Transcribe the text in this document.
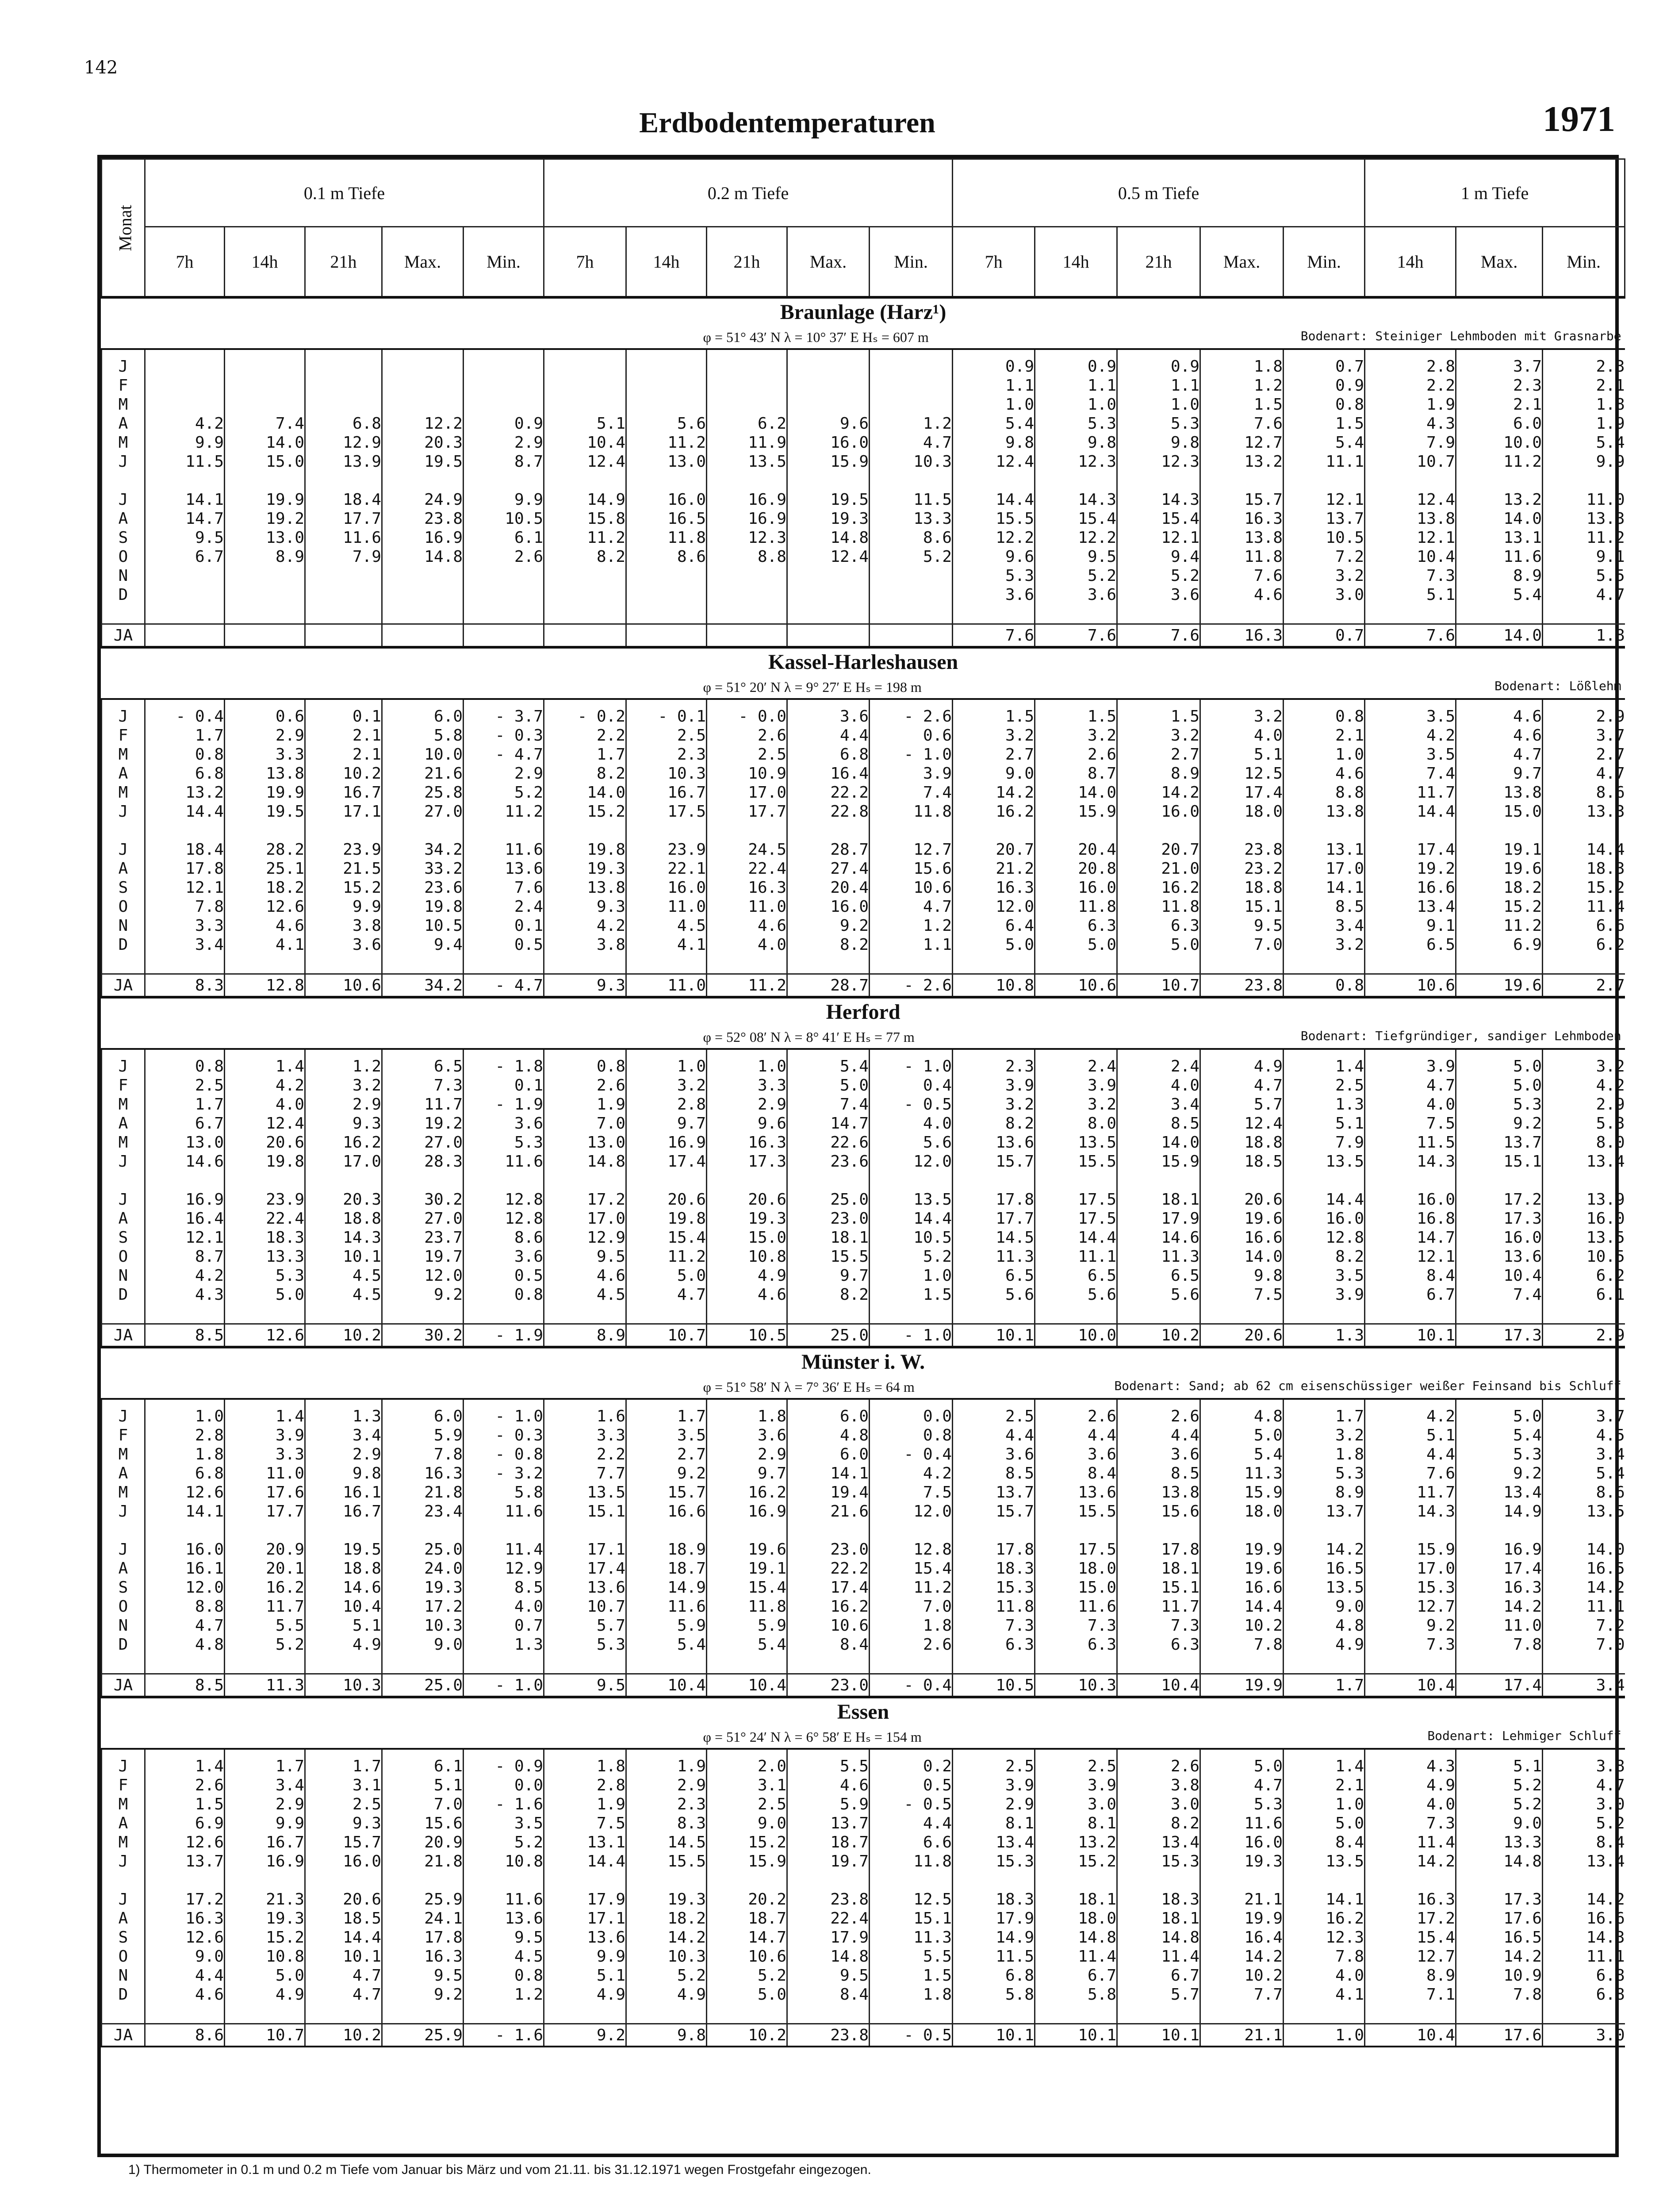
142
Erdbodentemperaturen	1971
Monat	0.1 m Tiefe					0.2 m Tiefe					0.5 m Tiefe					1 m Tiefe		
	7h	14h	21h	Max.	Min.	7h	14h	21h	Max.	Min.	7h	14h	21h	Max.	Min.	14h	Max.	Min.
Braunlage (Harz¹)																		

φ = 51° 43′ N λ = 10° 37′ E Hₛ = 607 m Bodenart: Steiniger Lehmboden mit Grasnarbe																		

J											0.9	0.9	0.9	1.8	0.7	2.8	3.7	2.3
F											1.1	1.1	1.1	1.2	0.9	2.2	2.3	2.1
M											1.0	1.0	1.0	1.5	0.8	1.9	2.1	1.8
A	4.2	7.4	6.8	12.2	0.9	5.1	5.6	6.2	9.6	1.2	5.4	5.3	5.3	7.6	1.5	4.3	6.0	1.9
M	9.9	14.0	12.9	20.3	2.9	10.4	11.2	11.9	16.0	4.7	9.8	9.8	9.8	12.7	5.4	7.9	10.0	5.4
J	11.5	15.0	13.9	19.5	8.7	12.4	13.0	13.5	15.9	10.3	12.4	12.3	12.3	13.2	11.1	10.7	11.2	9.9

J	14.1	19.9	18.4	24.9	9.9	14.9	16.0	16.9	19.5	11.5	14.4	14.3	14.3	15.7	12.1	12.4	13.2	11.0
A	14.7	19.2	17.7	23.8	10.5	15.8	16.5	16.9	19.3	13.3	15.5	15.4	15.4	16.3	13.7	13.8	14.0	13.3
S	9.5	13.0	11.6	16.9	6.1	11.2	11.8	12.3	14.8	8.6	12.2	12.2	12.1	13.8	10.5	12.1	13.1	11.2
O	6.7	8.9	7.9	14.8	2.6	8.2	8.6	8.8	12.4	5.2	9.6	9.5	9.4	11.8	7.2	10.4	11.6	9.1
N											5.3	5.2	5.2	7.6	3.2	7.3	8.9	5.5
D											3.6	3.6	3.6	4.6	3.0	5.1	5.4	4.7

JA											7.6	7.6	7.6	16.3	0.7	7.6	14.0	1.8
Kassel-Harleshausen																		

φ = 51° 20′ N λ = 9° 27′ E Hₛ = 198 m Bodenart: Lößlehm																		

J	- 0.4	0.6	0.1	6.0	- 3.7	- 0.2	- 0.1	- 0.0	3.6	- 2.6	1.5	1.5	1.5	3.2	0.8	3.5	4.6	2.9
F	1.7	2.9	2.1	5.8	- 0.3	2.2	2.5	2.6	4.4	0.6	3.2	3.2	3.2	4.0	2.1	4.2	4.6	3.7
M	0.8	3.3	2.1	10.0	- 4.7	1.7	2.3	2.5	6.8	- 1.0	2.7	2.6	2.7	5.1	1.0	3.5	4.7	2.7
A	6.8	13.8	10.2	21.6	2.9	8.2	10.3	10.9	16.4	3.9	9.0	8.7	8.9	12.5	4.6	7.4	9.7	4.7
M	13.2	19.9	16.7	25.8	5.2	14.0	16.7	17.0	22.2	7.4	14.2	14.0	14.2	17.4	8.8	11.7	13.8	8.6
J	14.4	19.5	17.1	27.0	11.2	15.2	17.5	17.7	22.8	11.8	16.2	15.9	16.0	18.0	13.8	14.4	15.0	13.3

J	18.4	28.2	23.9	34.2	11.6	19.8	23.9	24.5	28.7	12.7	20.7	20.4	20.7	23.8	13.1	17.4	19.1	14.4
A	17.8	25.1	21.5	33.2	13.6	19.3	22.1	22.4	27.4	15.6	21.2	20.8	21.0	23.2	17.0	19.2	19.6	18.3
S	12.1	18.2	15.2	23.6	7.6	13.8	16.0	16.3	20.4	10.6	16.3	16.0	16.2	18.8	14.1	16.6	18.2	15.2
O	7.8	12.6	9.9	19.8	2.4	9.3	11.0	11.0	16.0	4.7	12.0	11.8	11.8	15.1	8.5	13.4	15.2	11.4
N	3.3	4.6	3.8	10.5	0.1	4.2	4.5	4.6	9.2	1.2	6.4	6.3	6.3	9.5	3.4	9.1	11.2	6.6
D	3.4	4.1	3.6	9.4	0.5	3.8	4.1	4.0	8.2	1.1	5.0	5.0	5.0	7.0	3.2	6.5	6.9	6.2

JA	8.3	12.8	10.6	34.2	- 4.7	9.3	11.0	11.2	28.7	- 2.6	10.8	10.6	10.7	23.8	0.8	10.6	19.6	2.7
Herford																		

φ = 52° 08′ N λ = 8° 41′ E Hₛ = 77 m Bodenart: Tiefgründiger, sandiger Lehmboden																		

J	0.8	1.4	1.2	6.5	- 1.8	0.8	1.0	1.0	5.4	- 1.0	2.3	2.4	2.4	4.9	1.4	3.9	5.0	3.2
F	2.5	4.2	3.2	7.3	0.1	2.6	3.2	3.3	5.0	0.4	3.9	3.9	4.0	4.7	2.5	4.7	5.0	4.2
M	1.7	4.0	2.9	11.7	- 1.9	1.9	2.8	2.9	7.4	- 0.5	3.2	3.2	3.4	5.7	1.3	4.0	5.3	2.9
A	6.7	12.4	9.3	19.2	3.6	7.0	9.7	9.6	14.7	4.0	8.2	8.0	8.5	12.4	5.1	7.5	9.2	5.3
M	13.0	20.6	16.2	27.0	5.3	13.0	16.9	16.3	22.6	5.6	13.6	13.5	14.0	18.8	7.9	11.5	13.7	8.0
J	14.6	19.8	17.0	28.3	11.6	14.8	17.4	17.3	23.6	12.0	15.7	15.5	15.9	18.5	13.5	14.3	15.1	13.4

J	16.9	23.9	20.3	30.2	12.8	17.2	20.6	20.6	25.0	13.5	17.8	17.5	18.1	20.6	14.4	16.0	17.2	13.9
A	16.4	22.4	18.8	27.0	12.8	17.0	19.8	19.3	23.0	14.4	17.7	17.5	17.9	19.6	16.0	16.8	17.3	16.0
S	12.1	18.3	14.3	23.7	8.6	12.9	15.4	15.0	18.1	10.5	14.5	14.4	14.6	16.6	12.8	14.7	16.0	13.5
O	8.7	13.3	10.1	19.7	3.6	9.5	11.2	10.8	15.5	5.2	11.3	11.1	11.3	14.0	8.2	12.1	13.6	10.5
N	4.2	5.3	4.5	12.0	0.5	4.6	5.0	4.9	9.7	1.0	6.5	6.5	6.5	9.8	3.5	8.4	10.4	6.2
D	4.3	5.0	4.5	9.2	0.8	4.5	4.7	4.6	8.2	1.5	5.6	5.6	5.6	7.5	3.9	6.7	7.4	6.1

JA	8.5	12.6	10.2	30.2	- 1.9	8.9	10.7	10.5	25.0	- 1.0	10.1	10.0	10.2	20.6	1.3	10.1	17.3	2.9
Münster i. W.																		

φ = 51° 58′ N λ = 7° 36′ E Hₛ = 64 m Bodenart: Sand; ab 62 cm eisenschüssiger weißer Feinsand bis Schluff																		

J	1.0	1.4	1.3	6.0	- 1.0	1.6	1.7	1.8	6.0	0.0	2.5	2.6	2.6	4.8	1.7	4.2	5.0	3.7
F	2.8	3.9	3.4	5.9	- 0.3	3.3	3.5	3.6	4.8	0.8	4.4	4.4	4.4	5.0	3.2	5.1	5.4	4.5
M	1.8	3.3	2.9	7.8	- 0.8	2.2	2.7	2.9	6.0	- 0.4	3.6	3.6	3.6	5.4	1.8	4.4	5.3	3.4
A	6.8	11.0	9.8	16.3	- 3.2	7.7	9.2	9.7	14.1	4.2	8.5	8.4	8.5	11.3	5.3	7.6	9.2	5.4
M	12.6	17.6	16.1	21.8	5.8	13.5	15.7	16.2	19.4	7.5	13.7	13.6	13.8	15.9	8.9	11.7	13.4	8.6
J	14.1	17.7	16.7	23.4	11.6	15.1	16.6	16.9	21.6	12.0	15.7	15.5	15.6	18.0	13.7	14.3	14.9	13.5

J	16.0	20.9	19.5	25.0	11.4	17.1	18.9	19.6	23.0	12.8	17.8	17.5	17.8	19.9	14.2	15.9	16.9	14.0
A	16.1	20.1	18.8	24.0	12.9	17.4	18.7	19.1	22.2	15.4	18.3	18.0	18.1	19.6	16.5	17.0	17.4	16.5
S	12.0	16.2	14.6	19.3	8.5	13.6	14.9	15.4	17.4	11.2	15.3	15.0	15.1	16.6	13.5	15.3	16.3	14.2
O	8.8	11.7	10.4	17.2	4.0	10.7	11.6	11.8	16.2	7.0	11.8	11.6	11.7	14.4	9.0	12.7	14.2	11.1
N	4.7	5.5	5.1	10.3	0.7	5.7	5.9	5.9	10.6	1.8	7.3	7.3	7.3	10.2	4.8	9.2	11.0	7.2
D	4.8	5.2	4.9	9.0	1.3	5.3	5.4	5.4	8.4	2.6	6.3	6.3	6.3	7.8	4.9	7.3	7.8	7.0

JA	8.5	11.3	10.3	25.0	- 1.0	9.5	10.4	10.4	23.0	- 0.4	10.5	10.3	10.4	19.9	1.7	10.4	17.4	3.4
Essen																		

φ = 51° 24′ N λ = 6° 58′ E Hₛ = 154 m Bodenart: Lehmiger Schluff																		

J	1.4	1.7	1.7	6.1	- 0.9	1.8	1.9	2.0	5.5	0.2	2.5	2.5	2.6	5.0	1.4	4.3	5.1	3.8
F	2.6	3.4	3.1	5.1	0.0	2.8	2.9	3.1	4.6	0.5	3.9	3.9	3.8	4.7	2.1	4.9	5.2	4.7
M	1.5	2.9	2.5	7.0	- 1.6	1.9	2.3	2.5	5.9	- 0.5	2.9	3.0	3.0	5.3	1.0	4.0	5.2	3.0
A	6.9	9.9	9.3	15.6	3.5	7.5	8.3	9.0	13.7	4.4	8.1	8.1	8.2	11.6	5.0	7.3	9.0	5.2
M	12.6	16.7	15.7	20.9	5.2	13.1	14.5	15.2	18.7	6.6	13.4	13.2	13.4	16.0	8.4	11.4	13.3	8.4
J	13.7	16.9	16.0	21.8	10.8	14.4	15.5	15.9	19.7	11.8	15.3	15.2	15.3	19.3	13.5	14.2	14.8	13.4

J	17.2	21.3	20.6	25.9	11.6	17.9	19.3	20.2	23.8	12.5	18.3	18.1	18.3	21.1	14.1	16.3	17.3	14.2
A	16.3	19.3	18.5	24.1	13.6	17.1	18.2	18.7	22.4	15.1	17.9	18.0	18.1	19.9	16.2	17.2	17.6	16.6
S	12.6	15.2	14.4	17.8	9.5	13.6	14.2	14.7	17.9	11.3	14.9	14.8	14.8	16.4	12.3	15.4	16.5	14.3
O	9.0	10.8	10.1	16.3	4.5	9.9	10.3	10.6	14.8	5.5	11.5	11.4	11.4	14.2	7.8	12.7	14.2	11.1
N	4.4	5.0	4.7	9.5	0.8	5.1	5.2	5.2	9.5	1.5	6.8	6.7	6.7	10.2	4.0	8.9	10.9	6.8
D	4.6	4.9	4.7	9.2	1.2	4.9	4.9	5.0	8.4	1.8	5.8	5.8	5.7	7.7	4.1	7.1	7.8	6.8

JA	8.6	10.7	10.2	25.9	- 1.6	9.2	9.8	10.2	23.8	- 0.5	10.1	10.1	10.1	21.1	1.0	10.4	17.6	3.0
1) Thermometer in 0.1 m und 0.2 m Tiefe vom Januar bis März und vom 21.11. bis 31.12.1971 wegen Frostgefahr eingezogen.
